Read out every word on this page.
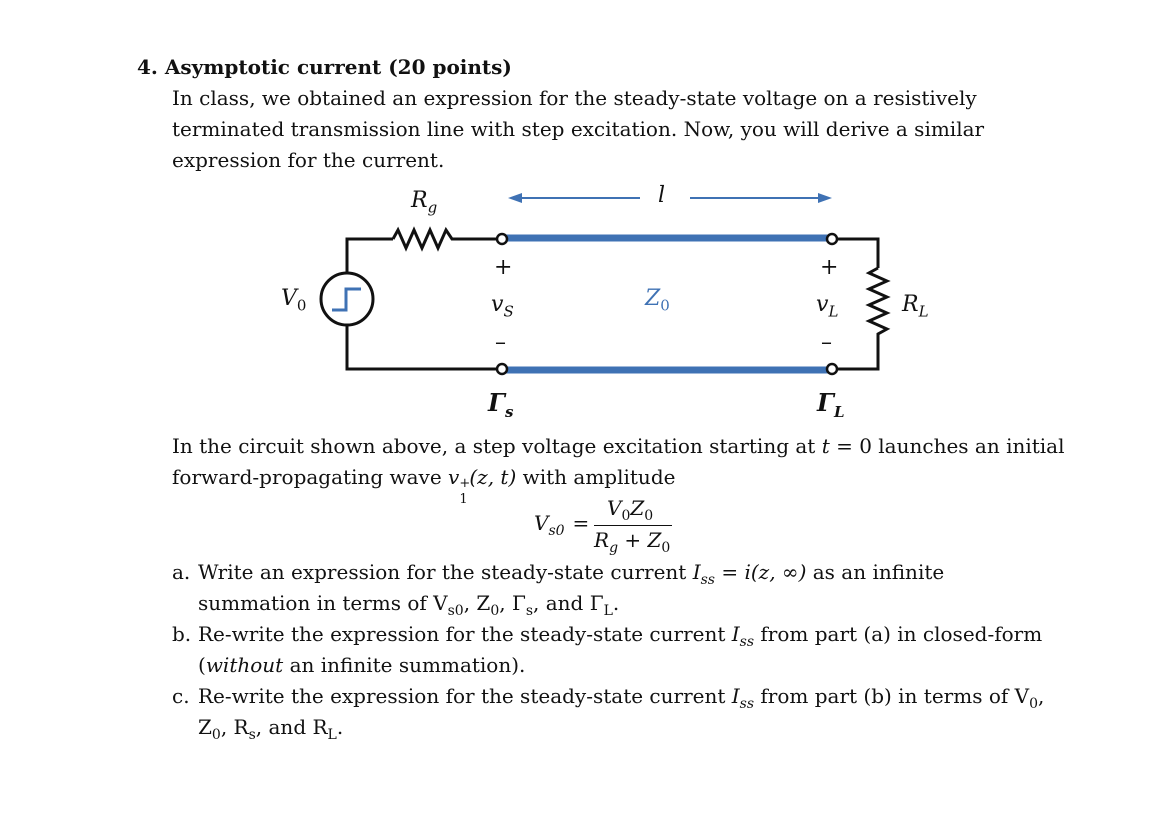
4. Asymptotic current (20 points)
In class, we obtained an expression for the steady-state voltage on a resistively
terminated transmission line with step excitation. Now, you will derive a similar
expression for the current.
l
$R_g$
$V_0$
+
$v_S$
–
$Z_0$
+
$v_L$
–
$R_L$
$\Gamma_s$	$\Gamma_L$
In the circuit shown above, a step voltage excitation starting at t = 0 launches an initial
forward-propagating wave v +
1
(z, t) with amplitude
$V_{s0}$ =
$V_0Z_0$
$R_g + Z_0$
a. Write an expression for the steady-state current $I_{ss} = i(z$, ∞) as an infinite
summation in terms of $V_{s0}$, $Z_0$, $\Gamma_s$, and $\Gamma_L$.
b. Re-write the expression for the steady-state current $I_{ss}$ from part (a) in closed-form
(without an infinite summation).
c. Re-write the expression for the steady-state current $I_{ss}$ from part (b) in terms of $V_0$,
$Z_0$, $R_s$, and $R_L$.
